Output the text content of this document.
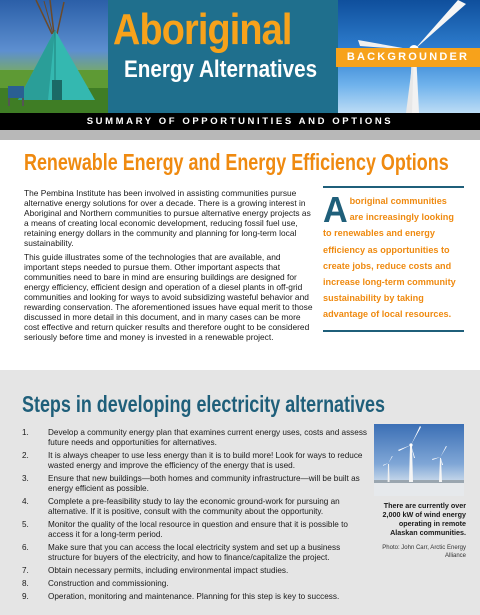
Aboriginal
Energy Alternatives	BACKGROUNDER
SUMMARY OF OPPORTUNITIES AND OPTIONS
Renewable Energy and Energy Efficiency Options

The Pembina Institute has been involved in assisting communities pursue alternative energy solutions for over a decade. There is a growing interest in Aboriginal and Northern communities to pursue alternative energy projects as a means of creating local economic development, reducing fossil fuel use, retaining energy dollars in the community and planning for long-term local sustainability.

This guide illustrates some of the technologies that are available, and important steps needed to pursue them. Other important aspects that communities need to bare in mind are ensuring buildings are designed for energy efficiency, efficient design and operation of a diesel plants in off-grid communities and looking for ways to avoid subsidizing wasteful behavior and rewarding conservation. The aforementioned issues have equal merit to those discussed in more detail in this document, and in many cases can be more cost effective and return quicker results and therefore ought to be considered seriously before time and money is invested in a renewable project.

A boriginal communities are increasingly looking to renewables and energy efficiency as opportunities to create jobs, reduce costs and increase long-term community sustainability by taking advantage of local resources.
Steps in developing electricity alternatives
1. Develop a community energy plan that examines current energy uses, costs and assess future needs and opportunities for alternatives.
2. It is always cheaper to use less energy than it is to build more! Look for ways to reduce wasted energy and improve the efficiency of the energy that is used.
3. Ensure that new buildings—both homes and community infrastructure—will be built as energy efficient as possible.
4. Complete a pre-feasibility study to lay the economic ground-work for pursuing an alternative. If it is positive, consult with the community about the opportunity.
5. Monitor the quality of the local resource in question and ensure that it is possible to access it for a long-term period.
6. Make sure that you can access the local electricity system and set up a business structure for buyers of the electricity, and how to finance/capitalize the project.
7. Obtain necessary permits, including environmental impact studies.
8. Construction and commissioning.
9. Operation, monitoring and maintenance. Planning for this step is key to success.
There are currently over 2,000 kW of wind energy operating in remote Alaskan communities.
Photo: John Carr, Arctic Energy Alliance
